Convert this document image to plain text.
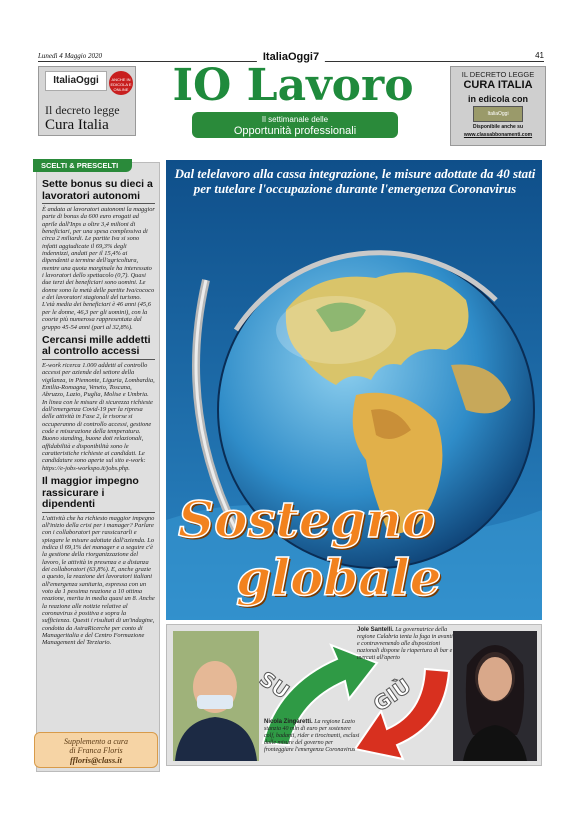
Lunedì 4 Maggio 2020	ItaliaOggi7	41
ItaliaOggi	ANCHE IN EDICOLA E ONLINE
Il decreto legge
Cura Italia
IO Lavoro
Il settimanale delle
Opportunità professionali
IL DECRETO LEGGE
CURA ITALIA
in edicola con
ItaliaOggi
Disponibile anche su
www.classabbonamenti.com
SCELTI & PRESCELTI
Sette bonus su dieci a lavoratori autonomi

È andata ai lavoratori autonomi la maggior parte di bonus da 600 euro erogati ad aprile dall'Inps a oltre 3,4 milioni di beneficiari, per una spesa complessiva di circa 2 miliardi. Le partite Iva si sono infatti aggiudicate il 69,3% degli indennizzi, andati per il 15,4% ai dipendenti a termine dell'agricoltura, mentre una quota marginale ha interessato i lavoratori dello spettacolo (0,7). Quasi due terzi dei beneficiari sono uomini. Le donne sono la metà delle partite Iva/cococo e dei lavoratori stagionali del turismo. L'età media dei beneficiari è 46 anni (45,6 per le donne, 46,3 per gli uomini), con la coorte più numerosa rappresentata dal gruppo 45-54 anni (pari al 32,8%).

Cercansi mille addetti al controllo accessi

E-work ricerca 1.000 addetti al controllo accessi per aziende del settore della vigilanza, in Piemonte, Liguria, Lombardia, Emilia-Romagna, Veneto, Toscana, Abruzzo, Lazio, Puglia, Molise e Umbria. In linea con le misure di sicurezza richieste dall'emergenza Covid-19 per la ripresa delle attività in Fase 2, le risorse si occuperanno di controllo accessi, gestione code e misurazione della temperatura. Buono standing, buone doti relazionali, affidabilità e disponibilità sono le caratteristiche richieste ai candidati. Le candidature sono aperte sul sito e-work: https://e-jobs-workspo.it/jobs.php.

Il maggior impegno rassicurare i dipendenti

L'attività che ha richiesto maggior impegno all'inizio della crisi per i manager? Parlare con i collaboratori per rassicurarli e spiegare le misure adottate dall'azienda. Lo indica il 69,1% dei manager e a seguire c'è la gestione della riorganizzazione del lavoro, le attività in presenza e a distanza dei collaboratori (63,8%). E, anche grazie a questo, la reazione dei lavoratori italiani all'emergenza sanitaria, espressa con un voto da 1 pessima reazione a 10 ottima reazione, merita in media quasi un 8. Anche la reazione alle notizie relative al coronavirus è positiva e sopra la sufficienza. Questi i risultati di un'indagine, condotta da AstraRicerche per conto di Manageritalia e del Centro Formazione Management del Terziario.

Supplemento a cura
di Franca Floris
ffloris@class.it
Dal telelavoro alla cassa integrazione, le misure adottate da 40 stati per tutelare l'occupazione durante l'emergenza Coronavirus
Sostegno
globale
SU	GIÙ
Jole Santelli. La governatrice della regione Calabria tenta la fuga in avanti e contravvenendo alle disposizioni nazionali dispone la riapertura di bar e mercati all'aperto
Nicola Zingaretti. La regione Lazio stanzia 40 mln di euro per sostenere colf, badanti, rider e tirocinanti, esclusi dalle misure del governo per fronteggiare l'emergenza Coronavirus
